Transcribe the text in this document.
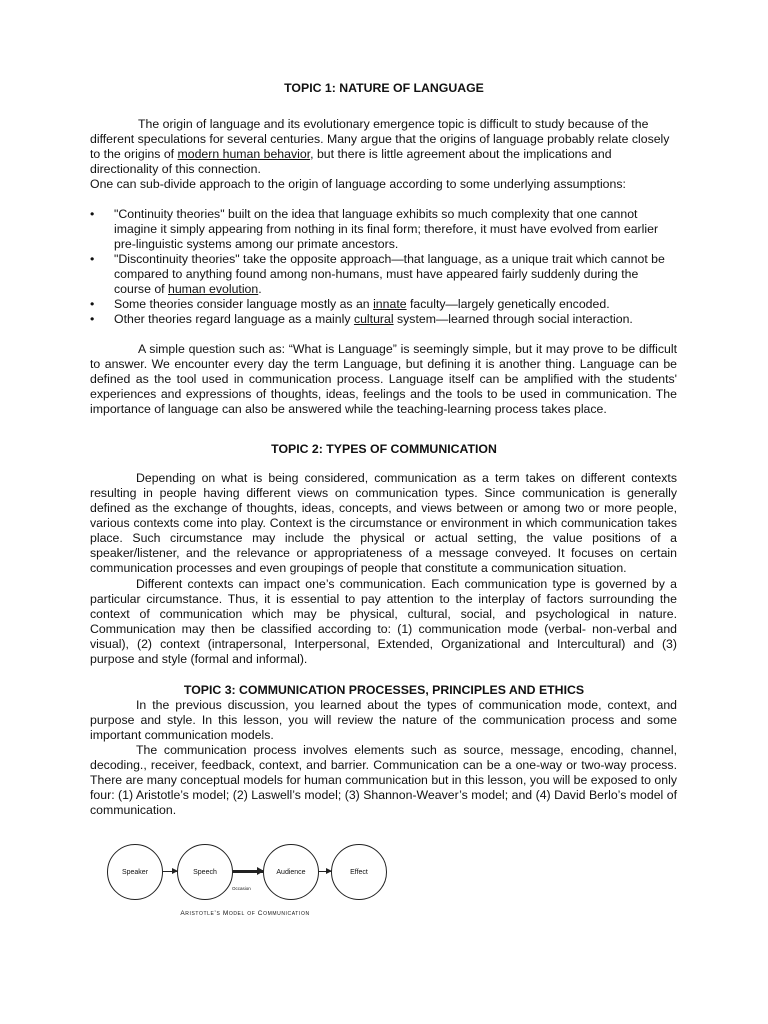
TOPIC 1: NATURE OF LANGUAGE

The origin of language and its evolutionary emergence topic is difficult to study because of the different speculations for several centuries. Many argue that the origins of language probably relate closely to the origins of modern human behavior, but there is little agreement about the implications and directionality of this connection.
One can sub-divide approach to the origin of language according to some underlying assumptions:

• "Continuity theories" built on the idea that language exhibits so much complexity that one cannot imagine it simply appearing from nothing in its final form; therefore, it must have evolved from earlier pre-linguistic systems among our primate ancestors.
• "Discontinuity theories" take the opposite approach—that language, as a unique trait which cannot be compared to anything found among non-humans, must have appeared fairly suddenly during the course of human evolution.
• Some theories consider language mostly as an innate faculty—largely genetically encoded.
• Other theories regard language as a mainly cultural system—learned through social interaction.

A simple question such as: “What is Language” is seemingly simple, but it may prove to be difficult to answer. We encounter every day the term Language, but defining it is another thing. Language can be defined as the tool used in communication process. Language itself can be amplified with the students' experiences and expressions of thoughts, ideas, feelings and the tools to be used in communication. The importance of language can also be answered while the teaching-learning process takes place.

TOPIC 2: TYPES OF COMMUNICATION

Depending on what is being considered, communication as a term takes on different contexts resulting in people having different views on communication types. Since communication is generally defined as the exchange of thoughts, ideas, concepts, and views between or among two or more people, various contexts come into play. Context is the circumstance or environment in which communication takes place. Such circumstance may include the physical or actual setting, the value positions of a speaker/listener, and the relevance or appropriateness of a message conveyed. It focuses on certain communication processes and even groupings of people that constitute a communication situation.

Different contexts can impact one’s communication. Each communication type is governed by a particular circumstance. Thus, it is essential to pay attention to the interplay of factors surrounding the context of communication which may be physical, cultural, social, and psychological in nature. Communication may then be classified according to: (1) communication mode (verbal- non-verbal and visual), (2) context (intrapersonal, Interpersonal, Extended, Organizational and Intercultural) and (3) purpose and style (formal and informal).

TOPIC 3: COMMUNICATION PROCESSES, PRINCIPLES AND ETHICS

In the previous discussion, you learned about the types of communication mode, context, and purpose and style. In this lesson, you will review the nature of the communication process and some important communication models.

The communication process involves elements such as source, message, encoding, channel, decoding., receiver, feedback, context, and barrier. Communication can be a one-way or two-way process. There are many conceptual models for human communication but in this lesson, you will be exposed to only four: (1) Aristotle’s model; (2) Laswell’s model; (3) Shannon-Weaver’s model; and (4) David Berlo’s model of communication.

Speaker	Speech
Occasion
Audience	Effect
Aristotle’s Model of Communication
